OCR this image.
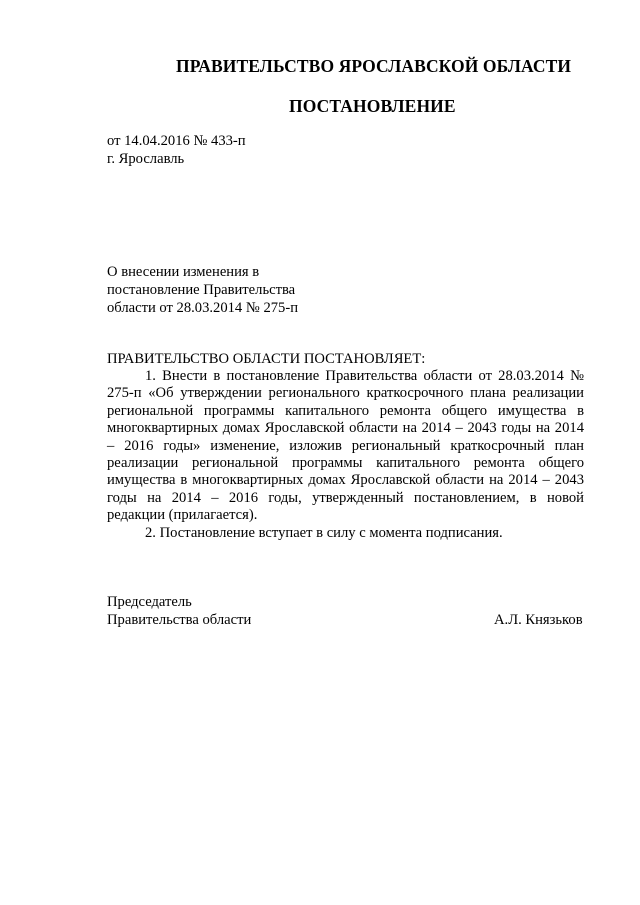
ПРАВИТЕЛЬСТВО ЯРОСЛАВСКОЙ ОБЛАСТИ
ПОСТАНОВЛЕНИЕ
от 14.04.2016 № 433-п
г. Ярославль
О внесении изменения в
постановление Правительства
области от 28.03.2014 № 275-п
ПРАВИТЕЛЬСТВО ОБЛАСТИ ПОСТАНОВЛЯЕТ:

1. Внести в постановление Правительства области от 28.03.2014 № 275-п «Об утверждении регионального краткосрочного плана реализации региональной программы капитального ремонта общего имущества в многоквартирных домах Ярославской области на 2014 – 2043 годы на 2014 – 2016 годы» изменение, изложив региональный краткосрочный план реализации региональной программы капитального ремонта общего имущества в многоквартирных домах Ярославской области на 2014 – 2043 годы на 2014 – 2016 годы, утвержденный постановлением, в новой редакции (прилагается).

2. Постановление вступает в силу с момента подписания.

Председатель
Правительства области	А.Л. Князьков
